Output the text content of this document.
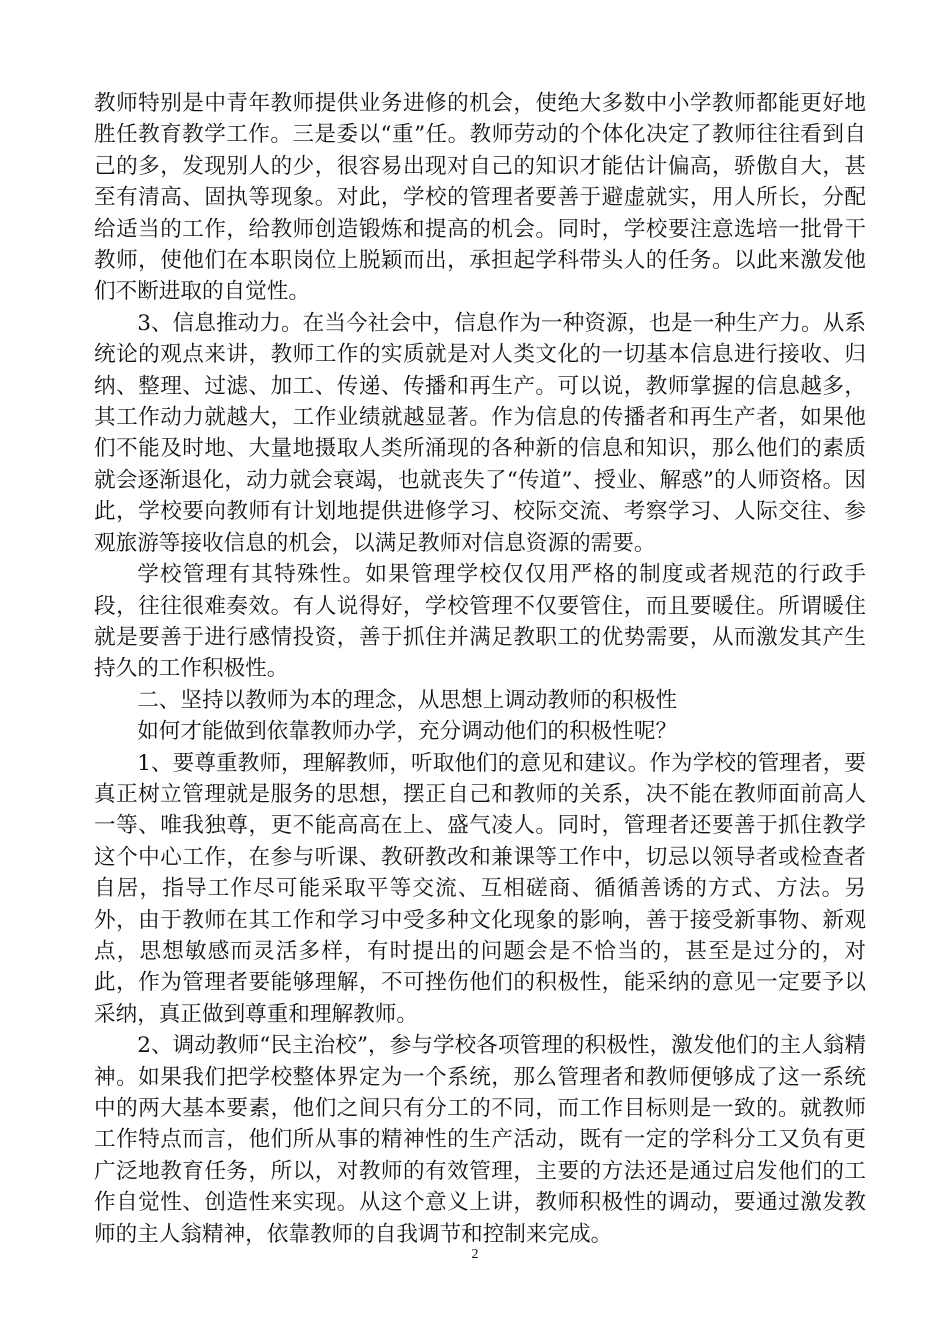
教师特别是中青年教师提供业务进修的机会，使绝大多数中小学教师都能更好地胜任教育教学工作。三是委以“重”任。教师劳动的个体化决定了教师往往看到自己的多，发现别人的少，很容易出现对自己的知识才能估计偏高，骄傲自大，甚至有清高、固执等现象。对此，学校的管理者要善于避虚就实，用人所长，分配给适当的工作，给教师创造锻炼和提高的机会。同时，学校要注意选培一批骨干教师，使他们在本职岗位上脱颖而出，承担起学科带头人的任务。以此来激发他们不断进取的自觉性。

3、信息推动力。在当今社会中，信息作为一种资源，也是一种生产力。从系统论的观点来讲，教师工作的实质就是对人类文化的一切基本信息进行接收、归纳、整理、过滤、加工、传递、传播和再生产。可以说，教师掌握的信息越多，其工作动力就越大，工作业绩就越显著。作为信息的传播者和再生产者，如果他们不能及时地、大量地摄取人类所涌现的各种新的信息和知识，那么他们的素质就会逐渐退化，动力就会衰竭，也就丧失了“传道”、授业、解惑”的人师资格。因此，学校要向教师有计划地提供进修学习、校际交流、考察学习、人际交往、参观旅游等接收信息的机会，以满足教师对信息资源的需要。

学校管理有其特殊性。如果管理学校仅仅用严格的制度或者规范的行政手段，往往很难奏效。有人说得好，学校管理不仅要管住，而且要暖住。所谓暖住就是要善于进行感情投资，善于抓住并满足教职工的优势需要，从而激发其产生持久的工作积极性。

二、坚持以教师为本的理念，从思想上调动教师的积极性

如何才能做到依靠教师办学，充分调动他们的积极性呢？

1、要尊重教师，理解教师，听取他们的意见和建议。作为学校的管理者，要真正树立管理就是服务的思想，摆正自己和教师的关系，决不能在教师面前高人一等、唯我独尊，更不能高高在上、盛气凌人。同时，管理者还要善于抓住教学这个中心工作，在参与听课、教研教改和兼课等工作中，切忌以领导者或检查者自居，指导工作尽可能采取平等交流、互相磋商、循循善诱的方式、方法。另外，由于教师在其工作和学习中受多种文化现象的影响，善于接受新事物、新观点，思想敏感而灵活多样，有时提出的问题会是不恰当的，甚至是过分的，对此，作为管理者要能够理解，不可挫伤他们的积极性，能采纳的意见一定要予以采纳，真正做到尊重和理解教师。

2、调动教师“民主治校”，参与学校各项管理的积极性，激发他们的主人翁精神。如果我们把学校整体界定为一个系统，那么管理者和教师便够成了这一系统中的两大基本要素，他们之间只有分工的不同，而工作目标则是一致的。就教师工作特点而言，他们所从事的精神性的生产活动，既有一定的学科分工又负有更广泛地教育任务，所以，对教师的有效管理，主要的方法还是通过启发他们的工作自觉性、创造性来实现。从这个意义上讲，教师积极性的调动，要通过激发教师的主人翁精神，依靠教师的自我调节和控制来完成。

2
